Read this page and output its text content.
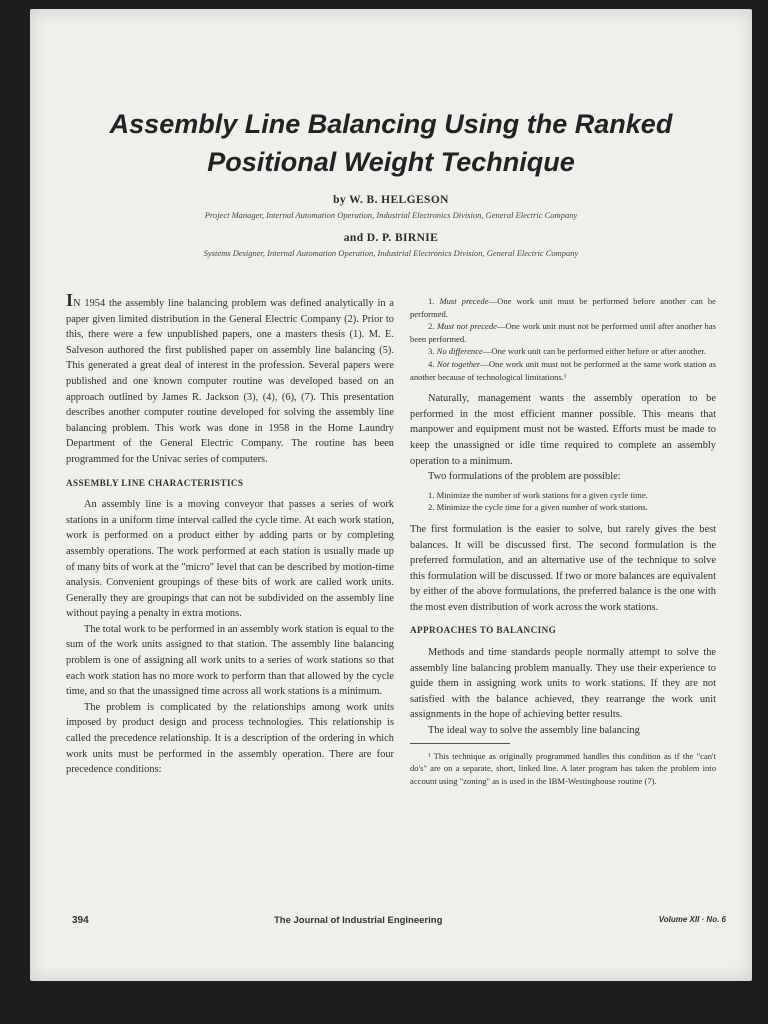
Assembly Line Balancing Using the Ranked Positional Weight Technique

by W. B. HELGESON

Project Manager, Internal Automation Operation, Industrial Electronics Division, General Electric Company

and D. P. BIRNIE

Systems Designer, Internal Automation Operation, Industrial Electronics Division, General Electric Company

IN 1954 the assembly line balancing problem was defined analytically in a paper given limited distribution in the General Electric Company (2). Prior to this, there were a few unpublished papers, one a masters thesis (1). M. E. Salveson authored the first published paper on assembly line balancing (5). This generated a great deal of interest in the profession. Several papers were published and one known computer routine was developed based on an approach outlined by James R. Jackson (3), (4), (6), (7). This presentation describes another computer routine developed for solving the assembly line balancing problem. This work was done in 1958 in the Home Laundry Department of the General Electric Company. The routine has been programmed for the Univac series of computers.

ASSEMBLY LINE CHARACTERISTICS

An assembly line is a moving conveyor that passes a series of work stations in a uniform time interval called the cycle time. At each work station, work is performed on a product either by adding parts or by completing assembly operations. The work performed at each station is usually made up of many bits of work at the "micro" level that can be described by motion-time analysis. Convenient groupings of these bits of work are called work units. Generally they are groupings that can not be subdivided on the assembly line without paying a penalty in extra motions.

The total work to be performed in an assembly work station is equal to the sum of the work units assigned to that station. The assembly line balancing problem is one of assigning all work units to a series of work stations so that each work station has no more work to perform than that allowed by the cycle time, and so that the unassigned time across all work stations is a minimum.

The problem is complicated by the relationships among work units imposed by product design and process technologies. This relationship is called the precedence relationship. It is a description of the ordering in which work units must be performed in the assembly operation. There are four precedence conditions:

1. Must precede—One work unit must be performed before another can be performed.

2. Must not precede—One work unit must not be performed until after another has been performed.

3. No difference—One work unit can be performed either before or after another.

4. Not together—One work unit must not be performed at the same work station as another because of technological limitations.¹

Naturally, management wants the assembly operation to be performed in the most efficient manner possible. This means that manpower and equipment must not be wasted. Efforts must be made to keep the unassigned or idle time required to complete an assembly operation to a minimum.

Two formulations of the problem are possible:

1. Minimize the number of work stations for a given cycle time.

2. Minimize the cycle time for a given number of work stations.

The first formulation is the easier to solve, but rarely gives the best balances. It will be discussed first. The second formulation is the preferred formulation, and an alternative use of the technique to solve this formulation will be discussed. If two or more balances are equivalent by either of the above formulations, the preferred balance is the one with the most even distribution of work across the work stations.

APPROACHES TO BALANCING

Methods and time standards people normally attempt to solve the assembly line balancing problem manually. They use their experience to guide them in assigning work units to work stations. If they are not satisfied with the balance achieved, they rearrange the work unit assignments in the hope of achieving better results.

The ideal way to solve the assembly line balancing

¹ This technique as originally programmed handles this condition as if the "can't do's" are on a separate, short, linked line. A later program has taken the problem into account using "zoning" as is used in the IBM-Westinghouse routine (7).

394	The Journal of Industrial Engineering	Volume XII · No. 6
